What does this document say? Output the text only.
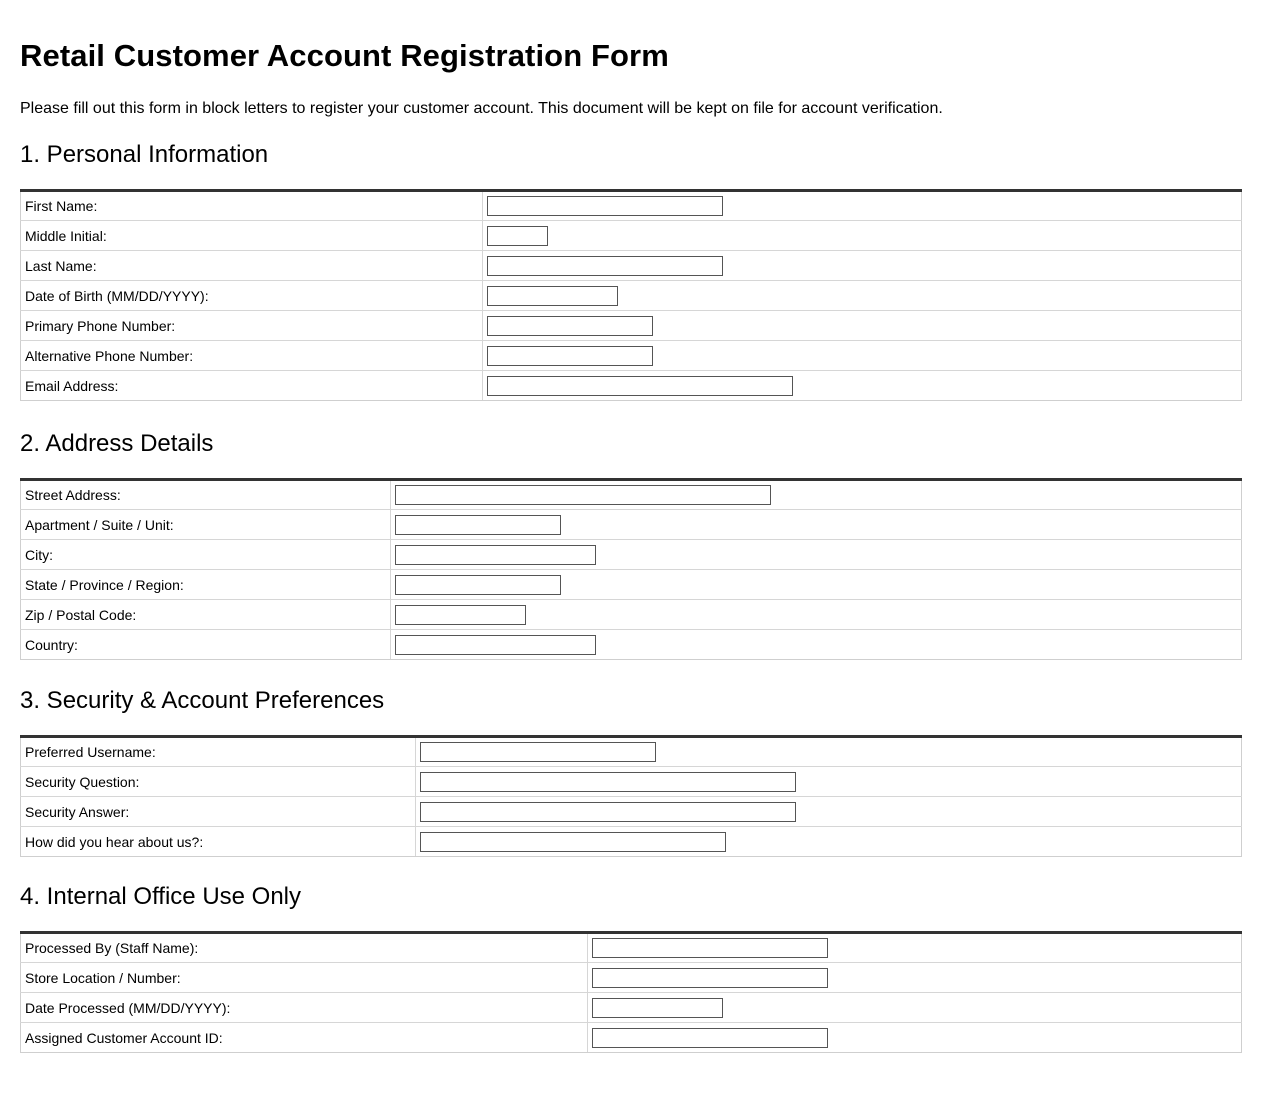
Retail Customer Account Registration Form

Please fill out this form in block letters to register your customer account. This document will be kept on file for account verification.

1. Personal Information
First Name:	

Middle Initial:	

Last Name:	

Date of Birth (MM/DD/YYYY):	

Primary Phone Number:	

Alternative Phone Number:	

Email Address:	
2. Address Details
Street Address:	

Apartment / Suite / Unit:	

City:	

State / Province / Region:	

Zip / Postal Code:	

Country:	
3. Security & Account Preferences
Preferred Username:	

Security Question:	

Security Answer:	

How did you hear about us?:	
4. Internal Office Use Only
Processed By (Staff Name):	

Store Location / Number:	

Date Processed (MM/DD/YYYY):	

Assigned Customer Account ID:	
